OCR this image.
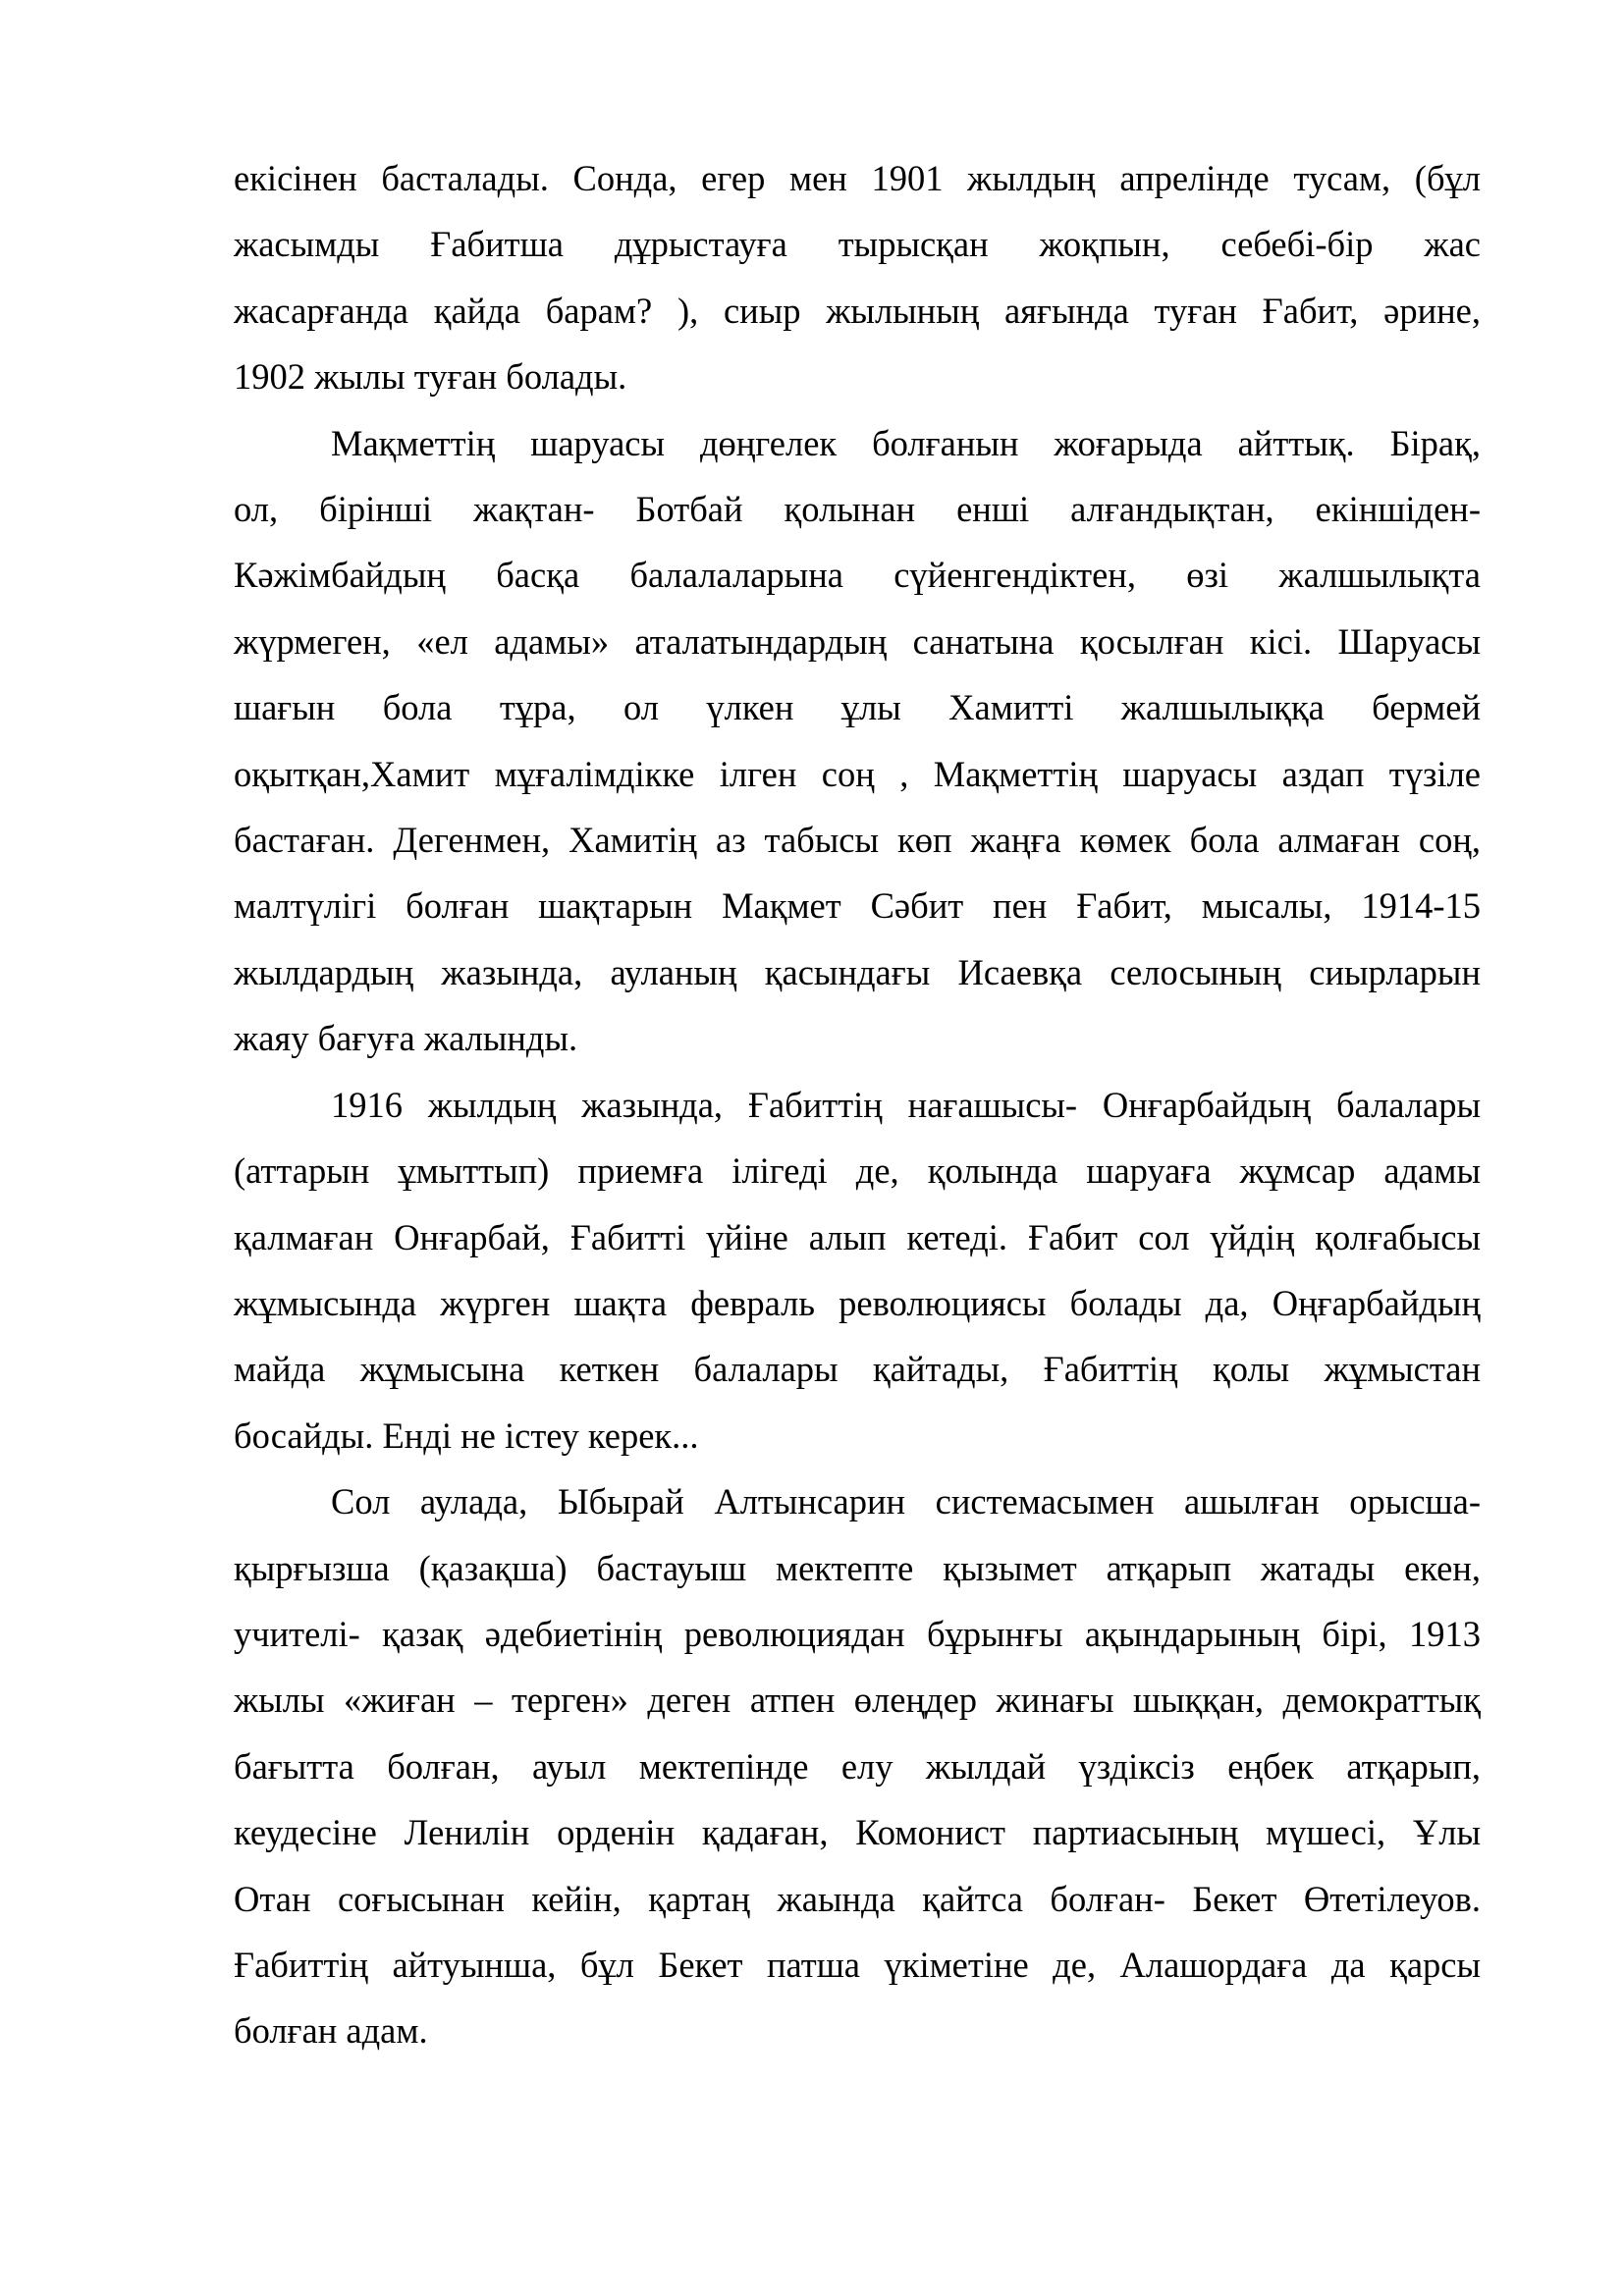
екісінен басталады. Сонда, егер мен 1901 жылдың апрелінде тусам, (бұл
жасымды Ғабитша дұрыстауға тырысқан жоқпын, себебі-бір жас
жасарғанда қайда барам? ), сиыр жылының аяғында туған Ғабит, әрине,
1902 жылы туған болады.

Мақметтің шаруасы дөңгелек болғанын жоғарыда айттық. Бірақ,
ол, бірінші жақтан- Ботбай қолынан енші алғандықтан, екіншіден-
Кәжімбайдың басқа балалаларына сүйенгендіктен, өзі жалшылықта
жүрмеген, «ел адамы» аталатындардың санатына қосылған кісі. Шаруасы
шағын бола тұра, ол үлкен ұлы Хамитті жалшылыққа бермей
оқытқан,Хамит мұғалімдікке ілген соң , Мақметтің шаруасы аздап түзіле
бастаған. Дегенмен, Хамитің аз табысы көп жаңға көмек бола алмаған соң,
малтүлігі болған шақтарын Мақмет Сәбит пен Ғабит, мысалы, 1914-15
жылдардың жазында, ауланың қасындағы Исаевқа селосының сиырларын
жаяу бағуға жалынды.

1916 жылдың жазында, Ғабиттің нағашысы- Онғарбайдың балалары
(аттарын ұмыттып) приемға ілігеді де, қолында шаруаға жұмсар адамы
қалмаған Онғарбай, Ғабитті үйіне алып кетеді. Ғабит сол үйдің қолғабысы
жұмысында жүрген шақта февраль революциясы болады да, Оңғарбайдың
майда жұмысына кеткен балалары қайтады, Ғабиттің қолы жұмыстан
босайды. Енді не істеу керек...

Сол аулада, Ыбырай Алтынсарин системасымен ашылған орысша-
қырғызша (қазақша) бастауыш мектепте қызымет атқарып жатады екен,
учителі- қазақ әдебиетінің революциядан бұрынғы ақындарының бірі, 1913
жылы «жиған – терген» деген атпен өлеңдер жинағы шыққан, демократтық
бағытта болған, ауыл мектепінде елу жылдай үздіксіз еңбек атқарып,
кеудесіне Ленилін орденін қадаған, Комонист партиасының мүшесі, Ұлы
Отан соғысынан кейін, қартаң жаында қайтса болған- Бекет Өтетілеуов.
Ғабиттің айтуынша, бұл Бекет патша үкіметіне де, Алашордаға да қарсы
болған адам.
